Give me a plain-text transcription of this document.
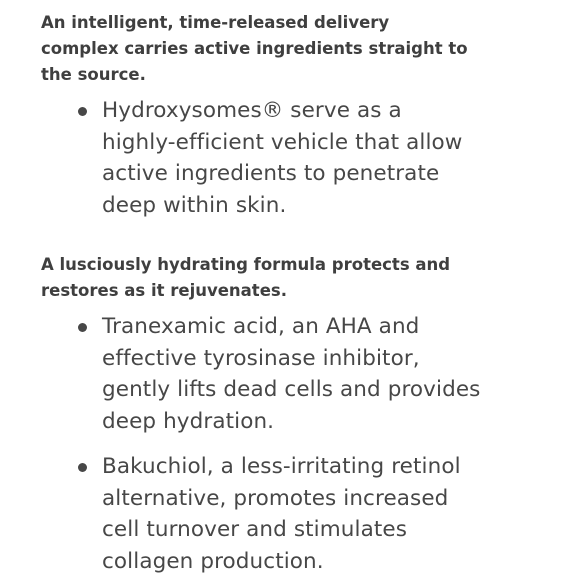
An intelligent, time-released delivery complex carries active ingredients straight to the source.

Hydroxysomes® serve as a highly-efficient vehicle that allow active ingredients to penetrate deep within skin.

A lusciously hydrating formula protects and restores as it rejuvenates.

Tranexamic acid, an AHA and effective tyrosinase inhibitor, gently lifts dead cells and provides deep hydration.
Bakuchiol, a less-irritating retinol alternative, promotes increased cell turnover and stimulates collagen production.
